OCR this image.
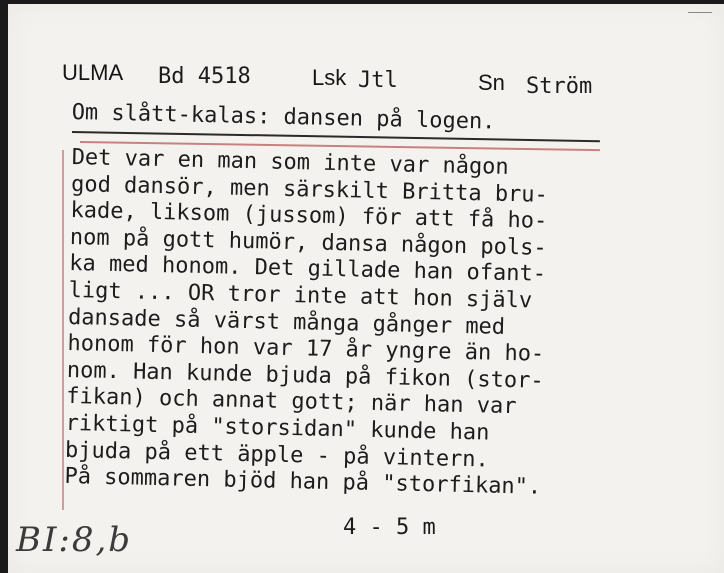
ULMA Bd 4518	Lsk Jtl	Sn Ström
Om slått-kalas: dansen på logen.
Det var en man som inte var någon
god dansör, men särskilt Britta bru-
kade, liksom (jussom) för att få ho-
nom på gott humör, dansa någon pols-
ka med honom. Det gillade han ofant-
ligt ... OR tror inte att hon själv
dansade så värst många gånger med
honom för hon var 17 år yngre än ho-
nom. Han kunde bjuda på fikon (stor-
fikan) och annat gott; när han var
riktigt på "storsidan" kunde han
bjuda på ett äpple - på vintern.
På sommaren bjöd han på "storfikan".
4 - 5 m
BI:8,b
